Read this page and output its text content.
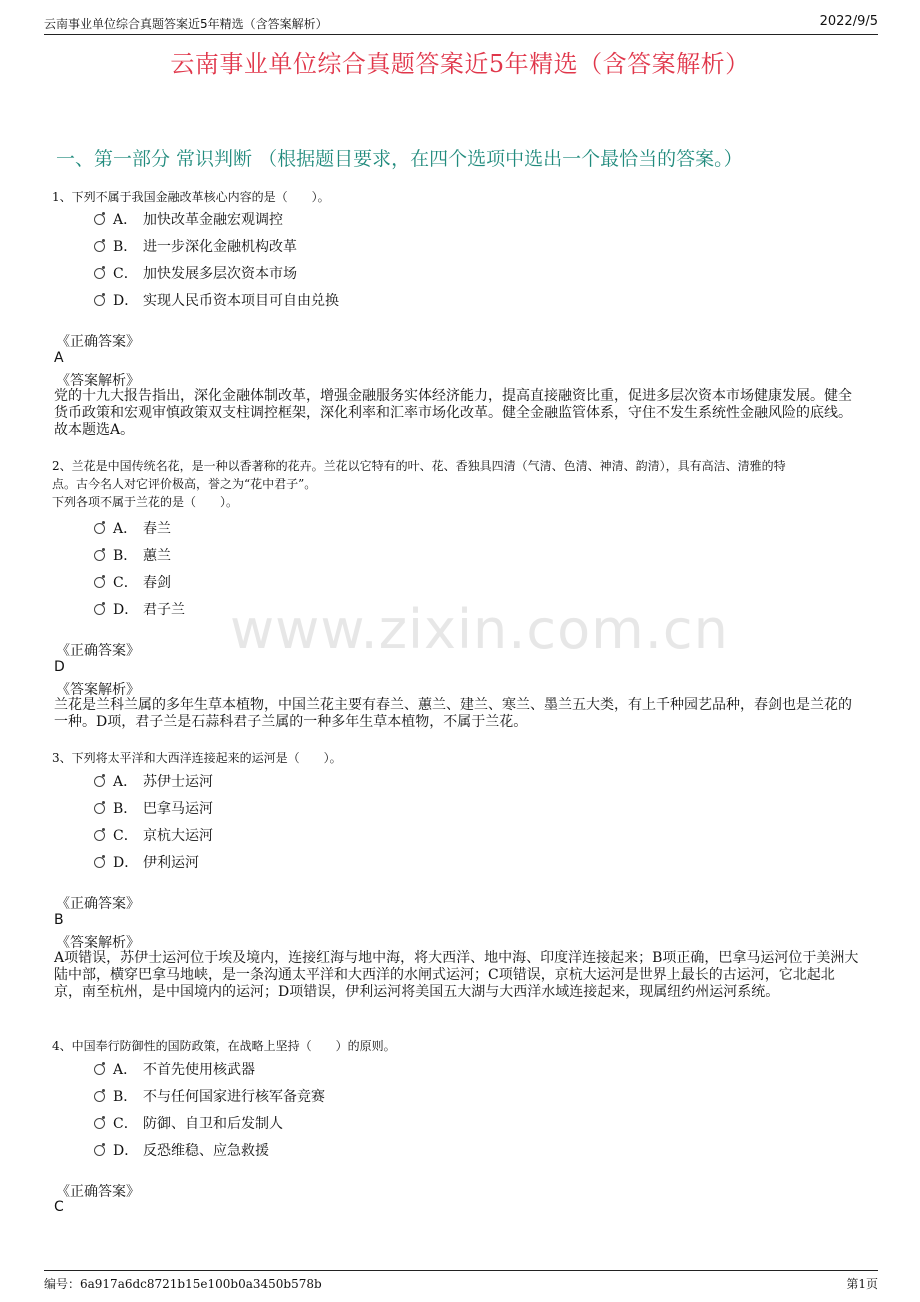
云南事业单位综合真题答案近5年精选（含答案解析）	2022/9/5
云南事业单位综合真题答案近5年精选（含答案解析）
一、第一部分 常识判断 （根据题目要求，在四个选项中选出一个最恰当的答案。）
www.zixin.com.cn
1、下列不属于我国金融改革核心内容的是（　　）。
A． 加快改革金融宏观调控
B． 进一步深化金融机构改革
C． 加快发展多层次资本市场
D． 实现人民币资本项目可自由兑换
《正确答案》
A
《答案解析》
党的十九大报告指出，深化金融体制改革，增强金融服务实体经济能力，提高直接融资比重，促进多层次资本市场健康发展。健全货币政策和宏观审慎政策双支柱调控框架，深化利率和汇率市场化改革。健全金融监管体系，守住不发生系统性金融风险的底线。故本题选A。
2、兰花是中国传统名花，是一种以香著称的花卉。兰花以它特有的叶、花、香独具四清（气清、色清、神清、韵清），具有高洁、清雅的特
点。古今名人对它评价极高，誉之为“花中君子”。
下列各项不属于兰花的是（　　）。
A． 春兰
B． 蕙兰
C． 春剑
D． 君子兰
《正确答案》
D
《答案解析》
兰花是兰科兰属的多年生草本植物，中国兰花主要有春兰、蕙兰、建兰、寒兰、墨兰五大类，有上千种园艺品种，春剑也是兰花的一种。D项，君子兰是石蒜科君子兰属的一种多年生草本植物，不属于兰花。
3、下列将太平洋和大西洋连接起来的运河是（　　）。
A． 苏伊士运河
B． 巴拿马运河
C． 京杭大运河
D． 伊利运河
《正确答案》
B
《答案解析》
A项错误，苏伊士运河位于埃及境内，连接红海与地中海，将大西洋、地中海、印度洋连接起来；B项正确，巴拿马运河位于美洲大陆中部，横穿巴拿马地峡，是一条沟通太平洋和大西洋的水闸式运河；C项错误，京杭大运河是世界上最长的古运河，它北起北京，南至杭州，是中国境内的运河；D项错误，伊利运河将美国五大湖与大西洋水域连接起来，现属纽约州运河系统。
4、中国奉行防御性的国防政策，在战略上坚持（　　）的原则。
A． 不首先使用核武器
B． 不与任何国家进行核军备竞赛
C． 防御、自卫和后发制人
D． 反恐维稳、应急救援
《正确答案》
C
编号：6a917a6dc8721b15e100b0a3450b578b	第1页
